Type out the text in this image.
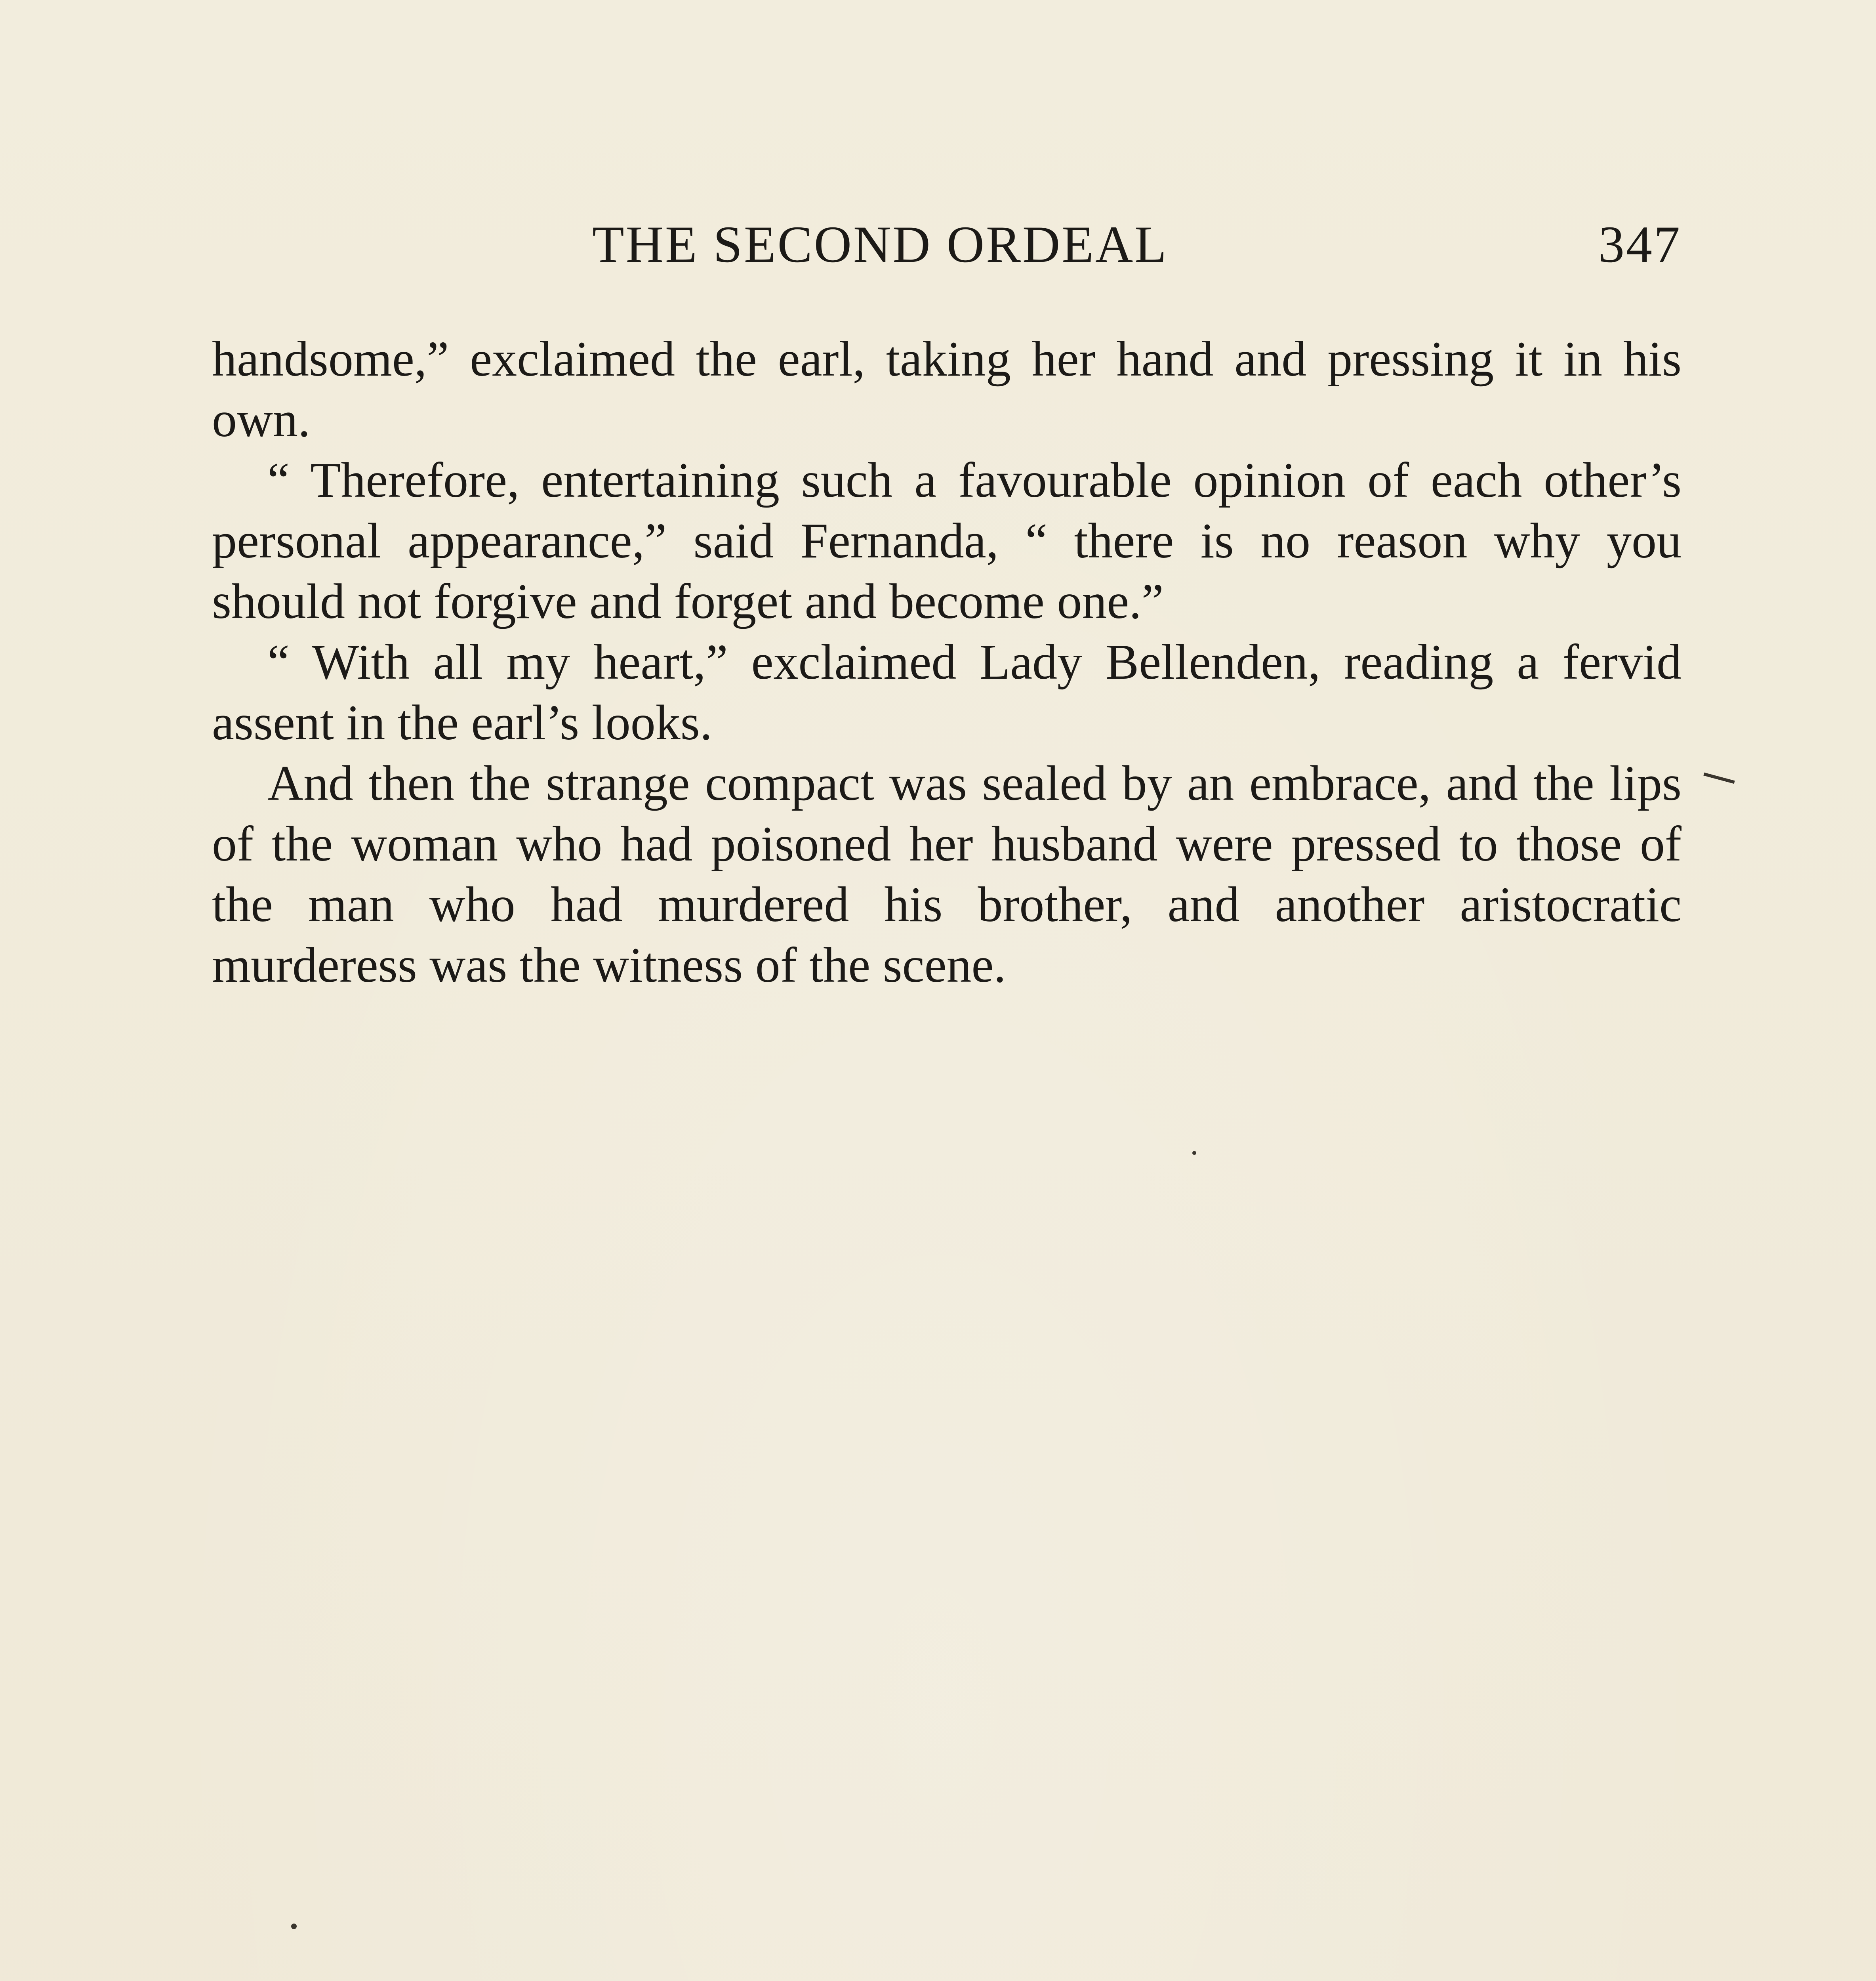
THE SECOND ORDEAL	347

handsome,” exclaimed the earl, taking her hand and pressing it in his own.

“ Therefore, entertaining such a favourable opinion of each other’s personal appearance,” said Fernanda, “ there is no reason why you should not forgive and forget and become one.”

“ With all my heart,” exclaimed Lady Bellenden, reading a fervid assent in the earl’s looks.

And then the strange compact was sealed by an embrace, and the lips of the woman who had poisoned her husband were pressed to those of the man who had murdered his brother, and another aristocratic murderess was the witness of the scene.
